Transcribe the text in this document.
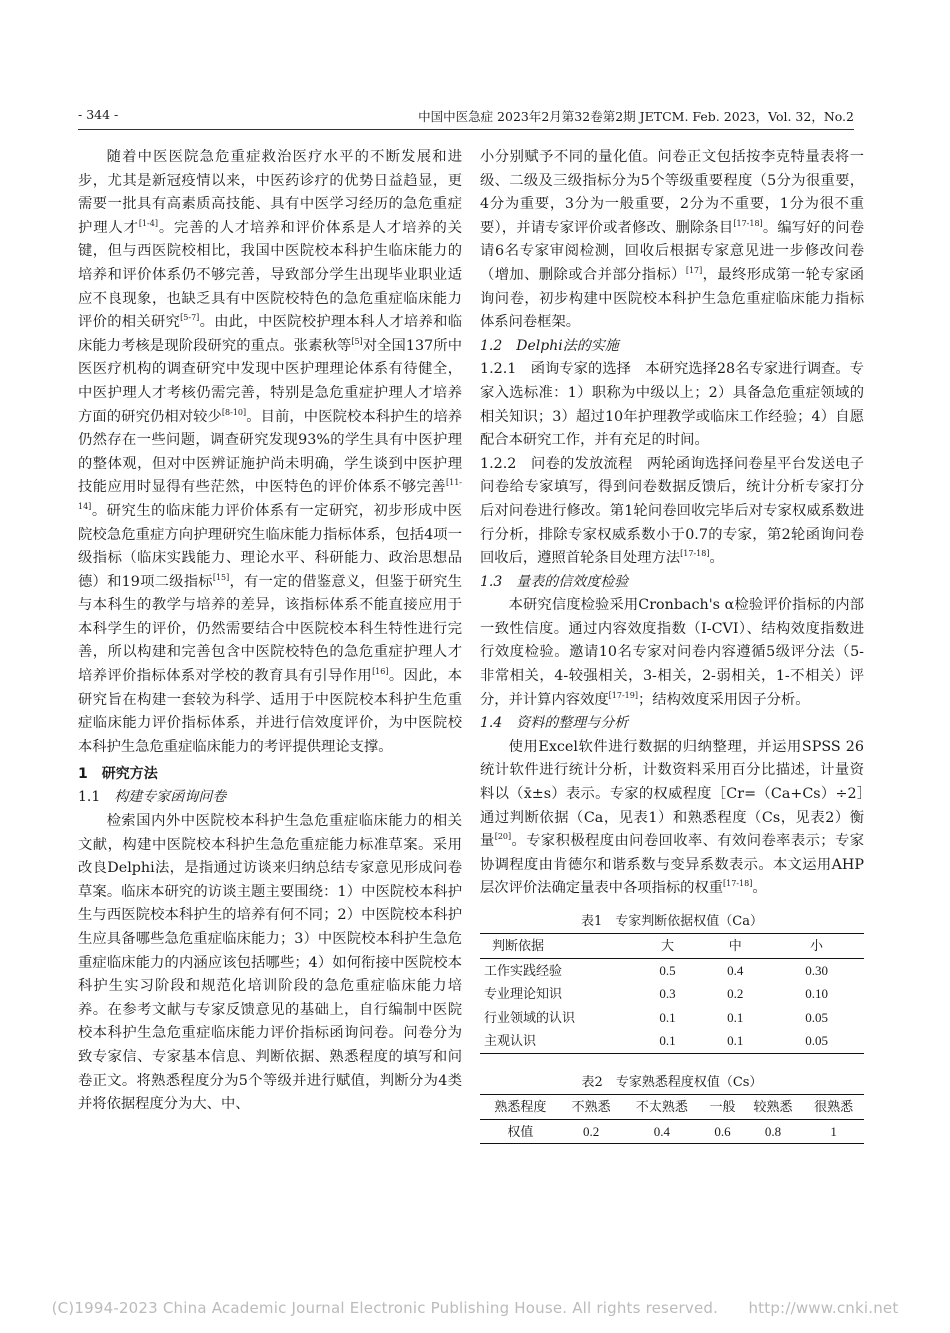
- 344 -	中国中医急症 2023年2月第32卷第2期 JETCM. Feb. 2023，Vol. 32，No.2

随着中医医院急危重症救治医疗水平的不断发展和进步，尤其是新冠疫情以来，中医药诊疗的优势日益趋显，更需要一批具有高素质高技能、具有中医学习经历的急危重症护理人才[1-4]。完善的人才培养和评价体系是人才培养的关键，但与西医院校相比，我国中医院校本科护生临床能力的培养和评价体系仍不够完善，导致部分学生出现毕业职业适应不良现象，也缺乏具有中医院校特色的急危重症临床能力评价的相关研究[5-7]。由此，中医院校护理本科人才培养和临床能力考核是现阶段研究的重点。张素秋等[5]对全国137所中医医疗机构的调查研究中发现中医护理理论体系有待健全，中医护理人才考核仍需完善，特别是急危重症护理人才培养方面的研究仍相对较少[8-10]。目前，中医院校本科护生的培养仍然存在一些问题，调查研究发现93%的学生具有中医护理的整体观，但对中医辨证施护尚未明确，学生谈到中医护理技能应用时显得有些茫然，中医特色的评价体系不够完善[11-14]。研究生的临床能力评价体系有一定研究，初步形成中医院校急危重症方向护理研究生临床能力指标体系，包括4项一级指标（临床实践能力、理论水平、科研能力、政治思想品德）和19项二级指标[15]，有一定的借鉴意义，但鉴于研究生与本科生的教学与培养的差异，该指标体系不能直接应用于本科学生的评价，仍然需要结合中医院校本科生特性进行完善，所以构建和完善包含中医院校特色的急危重症护理人才培养评价指标体系对学校的教育具有引导作用[16]。因此，本研究旨在构建一套较为科学、适用于中医院校本科护生危重症临床能力评价指标体系，并进行信效度评价，为中医院校本科护生急危重症临床能力的考评提供理论支撑。

1　研究方法
1.1　 构建专家函询问卷

检索国内外中医院校本科护生急危重症临床能力的相关文献，构建中医院校本科护生急危重症能力标准草案。采用改良Delphi法，是指通过访谈来归纳总结专家意见形成问卷草案。临床本研究的访谈主题主要围绕：1）中医院校本科护生与西医院校本科护生的培养有何不同；2）中医院校本科护生应具备哪些急危重症临床能力；3）中医院校本科护生急危重症临床能力的内涵应该包括哪些；4）如何衔接中医院校本科护生实习阶段和规范化培训阶段的急危重症临床能力培养。在参考文献与专家反馈意见的基础上，自行编制中医院校本科护生急危重症临床能力评价指标函询问卷。问卷分为致专家信、专家基本信息、判断依据、熟悉程度的填写和问卷正文。将熟悉程度分为5个等级并进行赋值，判断分为4类并将依据程度分为大、中、

小分别赋予不同的量化值。问卷正文包括按李克特量表将一级、二级及三级指标分为5个等级重要程度（5分为很重要，4分为重要，3分为一般重要，2分为不重要，1分为很不重要），并请专家评价或者修改、删除条目[17-18]。编写好的问卷请6名专家审阅检测，回收后根据专家意见进一步修改问卷（增加、删除或合并部分指标）[17]，最终形成第一轮专家函询问卷，初步构建中医院校本科护生急危重症临床能力指标体系问卷框架。

1.2　Delphi法的实施

1.2.1　函询专家的选择　 本研究选择28名专家进行调查。专家入选标准：1）职称为中级以上；2）具备急危重症领域的相关知识；3）超过10年护理教学或临床工作经验；4）自愿配合本研究工作，并有充足的时间。

1.2.2　问卷的发放流程　 两轮函询选择问卷星平台发送电子问卷给专家填写，得到问卷数据反馈后，统计分析专家打分后对问卷进行修改。第1轮问卷回收完毕后对专家权威系数进行分析，排除专家权威系数小于0.7的专家，第2轮函询问卷回收后，遵照首轮条目处理方法[17-18]。

1.3　量表的信效度检验

本研究信度检验采用Cronbach's α检验评价指标的内部一致性信度。通过内容效度指数（I-CVI）、结构效度指数进行效度检验。邀请10名专家对问卷内容遵循5级评分法（5-非常相关，4-较强相关，3-相关，2-弱相关，1-不相关）评分，并计算内容效度[17-19]；结构效度采用因子分析。

1.4　资料的整理与分析

使用Excel软件进行数据的归纳整理，并运用SPSS 26统计软件进行统计分析，计数资料采用百分比描述，计量资料以（x̄±s）表示。专家的权威程度［Cr=（Ca+Cs）÷2］通过判断依据（Ca，见表1）和熟悉程度（Cs，见表2）衡量[20]。专家积极程度由问卷回收率、有效问卷率表示；专家协调程度由肯德尔和谐系数与变异系数表示。本文运用AHP层次评价法确定量表中各项指标的权重[17-18]。

表1　专家判断依据权值（Ca）
判断依据	大	中	小
工作实践经验	0.5	0.4	0.30
专业理论知识	0.3	0.2	0.10
行业领域的认识	0.1	0.1	0.05
主观认识	0.1	0.1	0.05
表2　专家熟悉程度权值（Cs）
熟悉程度	不熟悉	不太熟悉	一般	较熟悉	很熟悉
权值	0.2	0.4	0.6	0.8	1
(C)1994-2023 China Academic Journal Electronic Publishing House. All rights reserved.　　http://www.cnki.net
